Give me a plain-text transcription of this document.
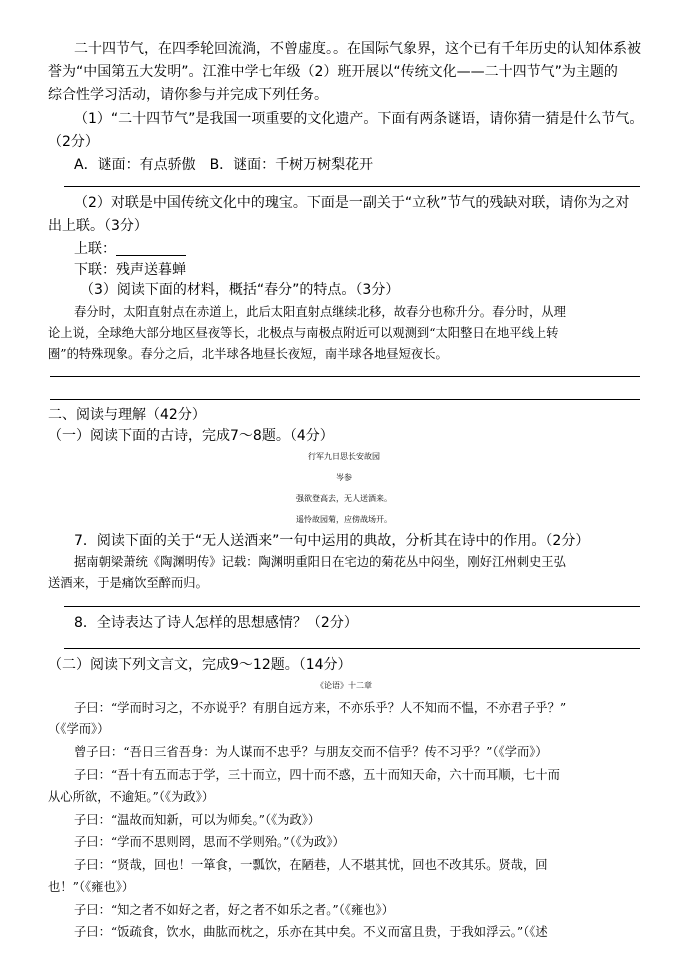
二十四节气，在四季轮回流淌，不曾虚度。。在国际气象界，这个已有千年历史的认知体系被
誉为“中国第五大发明”。江淮中学七年级（2）班开展以“传统文化——二十四节气”为主题的
综合性学习活动，请你参与并完成下列任务。
（1）“二十四节气”是我国一项重要的文化遗产。下面有两条谜语，请你猜一猜是什么节气。
（2分）
A．谜面：有点骄傲　B．谜面：千树万树梨花开
（2）对联是中国传统文化中的瑰宝。下面是一副关于“立秋”节气的残缺对联，请你为之对
出上联。（3分）
上联：
下联：残声送暮蝉
（3）阅读下面的材料，概括“春分”的特点。（3分）
春分时，太阳直射点在赤道上，此后太阳直射点继续北移，故春分也称升分。春分时，从理
论上说，全球绝大部分地区昼夜等长，北极点与南极点附近可以观测到“太阳整日在地平线上转
圈”的特殊现象。春分之后，北半球各地昼长夜短，南半球各地昼短夜长。
二、阅读与理解（42分）
（一）阅读下面的古诗，完成7～8题。（4分）
行军九日思长安故园
岑参
强欲登高去，无人送酒来。
遥怜故园菊，应傍战场开。
7．阅读下面的关于“无人送酒来”一句中运用的典故，分析其在诗中的作用。（2分）
据南朝梁萧统《陶渊明传》记载：陶渊明重阳日在宅边的菊花丛中闷坐，刚好江州刺史王弘
送酒来，于是痛饮至醉而归。
8．全诗表达了诗人怎样的思想感情？（2分）
（二）阅读下列文言文，完成9～12题。（14分）
《论语》十二章
子曰：“学而时习之，不亦说乎？有朋自远方来，不亦乐乎？人不知而不愠，不亦君子乎？”
（《学而》）
曾子曰：“吾日三省吾身：为人谋而不忠乎？与朋友交而不信乎？传不习乎？”（《学而》）
子曰：“吾十有五而志于学，三十而立，四十而不惑，五十而知天命，六十而耳顺，七十而
从心所欲，不逾矩。”（《为政》）
子曰：“温故而知新，可以为师矣。”（《为政》）
子曰：“学而不思则罔，思而不学则殆。”（《为政》）
子曰：“贤哉，回也！一箪食，一瓢饮，在陋巷，人不堪其忧，回也不改其乐。贤哉，回
也！”（《雍也》）
子曰：“知之者不如好之者，好之者不如乐之者。”（《雍也》）
子曰：“饭疏食，饮水，曲肱而枕之，乐亦在其中矣。不义而富且贵，于我如浮云。”（《述
